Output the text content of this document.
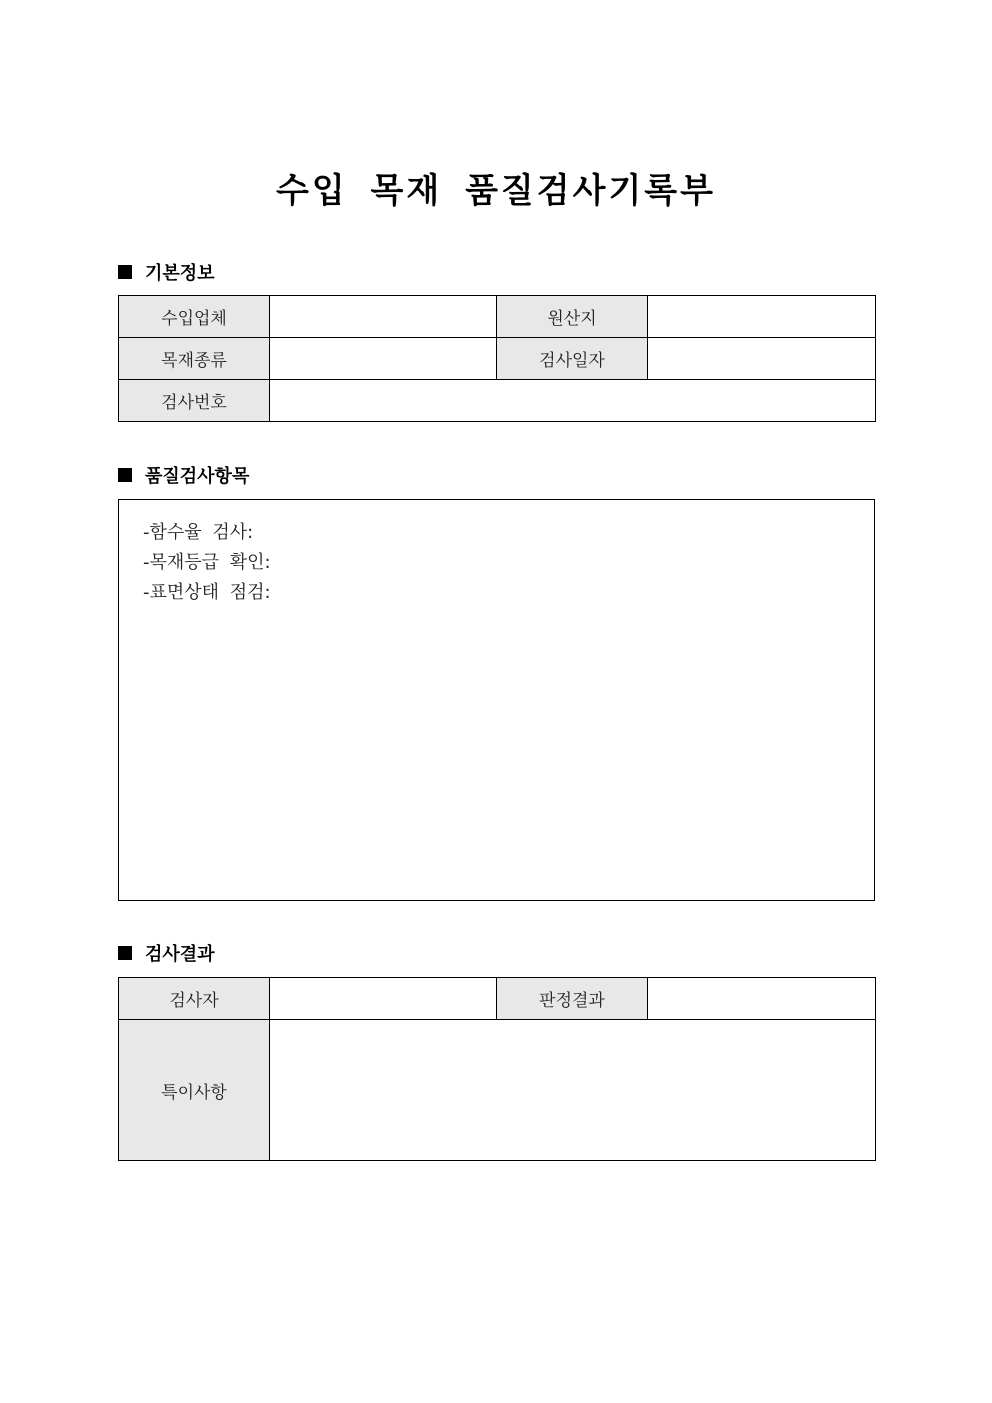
수입 목재 품질검사기록부
기본정보
수입업체		원산지	
목재종류		검사일자	
검사번호			
품질검사항목
-함수율 검사:
-목재등급 확인:
-표면상태 점검:
검사결과
검사자		판정결과	
특이사항			
